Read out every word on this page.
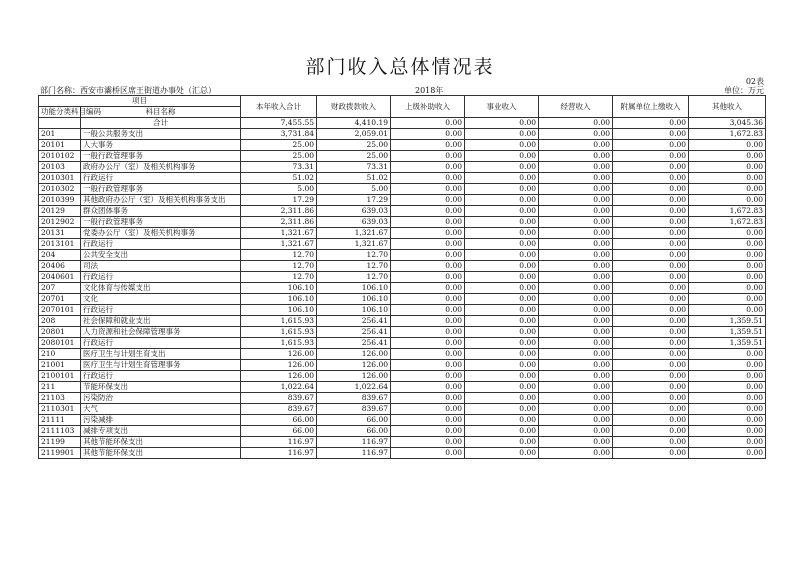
部门收入总体情况表
02表
部门名称：西安市灞桥区席王街道办事处（汇总）	2018年	单位：万元
项目		本年收入合计	财政拨款收入	上级补助收入	事业收入	经营收入	附属单位上缴收入	其他收入
功能分类科目编码	科目名称							
	合计	7,455.55	4,410.19	0.00	0.00	0.00	0.00	3,045.36
201	一般公共服务支出	3,731.84	2,059.01	0.00	0.00	0.00	0.00	1,672.83
20101	人大事务	25.00	25.00	0.00	0.00	0.00	0.00	0.00
2010102	一般行政管理事务	25.00	25.00	0.00	0.00	0.00	0.00	0.00
20103	政府办公厅（室）及相关机构事务	73.31	73.31	0.00	0.00	0.00	0.00	0.00
2010301	行政运行	51.02	51.02	0.00	0.00	0.00	0.00	0.00
2010302	一般行政管理事务	5.00	5.00	0.00	0.00	0.00	0.00	0.00
2010399	其他政府办公厅（室）及相关机构事务支出	17.29	17.29	0.00	0.00	0.00	0.00	0.00
20129	群众团体事务	2,311.86	639.03	0.00	0.00	0.00	0.00	1,672.83
2012902	一般行政管理事务	2,311.86	639.03	0.00	0.00	0.00	0.00	1,672.83
20131	党委办公厅（室）及相关机构事务	1,321.67	1,321.67	0.00	0.00	0.00	0.00	0.00
2013101	行政运行	1,321.67	1,321.67	0.00	0.00	0.00	0.00	0.00
204	公共安全支出	12.70	12.70	0.00	0.00	0.00	0.00	0.00
20406	司法	12.70	12.70	0.00	0.00	0.00	0.00	0.00
2040601	行政运行	12.70	12.70	0.00	0.00	0.00	0.00	0.00
207	文化体育与传媒支出	106.10	106.10	0.00	0.00	0.00	0.00	0.00
20701	文化	106.10	106.10	0.00	0.00	0.00	0.00	0.00
2070101	行政运行	106.10	106.10	0.00	0.00	0.00	0.00	0.00
208	社会保障和就业支出	1,615.93	256.41	0.00	0.00	0.00	0.00	1,359.51
20801	人力资源和社会保障管理事务	1,615.93	256.41	0.00	0.00	0.00	0.00	1,359.51
2080101	行政运行	1,615.93	256.41	0.00	0.00	0.00	0.00	1,359.51
210	医疗卫生与计划生育支出	126.00	126.00	0.00	0.00	0.00	0.00	0.00
21001	医疗卫生与计划生育管理事务	126.00	126.00	0.00	0.00	0.00	0.00	0.00
2100101	行政运行	126.00	126.00	0.00	0.00	0.00	0.00	0.00
211	节能环保支出	1,022.64	1,022.64	0.00	0.00	0.00	0.00	0.00
21103	污染防治	839.67	839.67	0.00	0.00	0.00	0.00	0.00
2110301	大气	839.67	839.67	0.00	0.00	0.00	0.00	0.00
21111	污染减排	66.00	66.00	0.00	0.00	0.00	0.00	0.00
2111103	减排专项支出	66.00	66.00	0.00	0.00	0.00	0.00	0.00
21199	其他节能环保支出	116.97	116.97	0.00	0.00	0.00	0.00	0.00
2119901	其他节能环保支出	116.97	116.97	0.00	0.00	0.00	0.00	0.00
